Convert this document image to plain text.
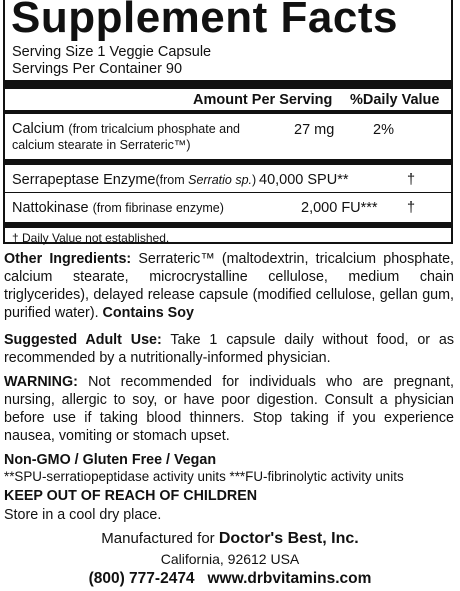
Supplement Facts
Serving Size 1 Veggie Capsule
Servings Per Container 90
Amount Per Serving %Daily Value
Calcium (from tricalcium phosphate and
calcium stearate in Serrateric™)
27 mg	2%
Serrapeptase Enzyme(from Serratio sp.) 40,000 SPU**	†
Nattokinase (from fibrinase enzyme)	2,000 FU*** †
† Daily Value not established.
Other Ingredients: Serrateric™ (maltodextrin, tricalcium phosphate, calcium stearate, microcrystalline cellulose, medium chain triglycerides), delayed release capsule (modified cellulose, gellan gum, purified water). Contains Soy
Suggested Adult Use: Take 1 capsule daily without food, or as recommended by a nutritionally-informed physician.
WARNING: Not recommended for individuals who are pregnant, nursing, allergic to soy, or have poor digestion. Consult a physician before use if taking blood thinners. Stop taking if you experience nausea, vomiting or stomach upset.
Non-GMO / Gluten Free / Vegan
**SPU-serratiopeptidase activity units ***FU-fibrinolytic activity units
KEEP OUT OF REACH OF CHILDREN
Store in a cool dry place.
Manufactured for Doctor's Best, Inc.
California, 92612 USA
(800) 777-2474 www.drbvitamins.com
